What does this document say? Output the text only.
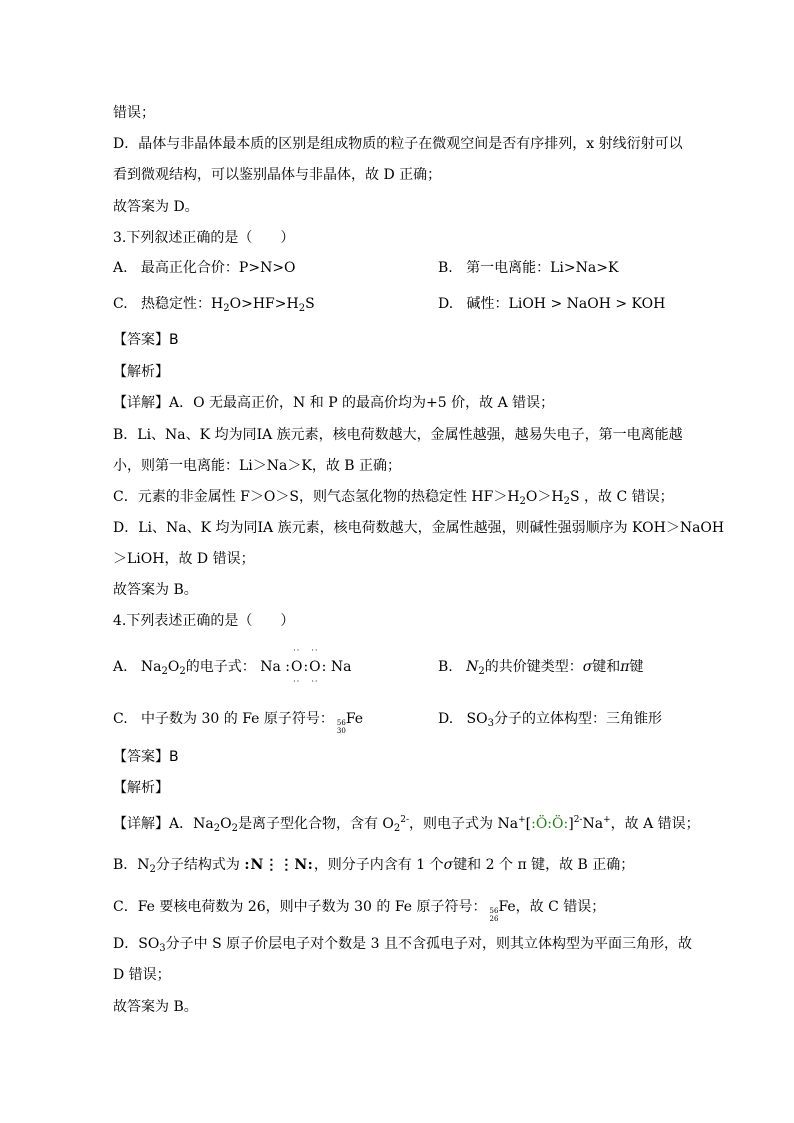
错误；
D．晶体与非晶体最本质的区别是组成物质的粒子在微观空间是否有序排列，x 射线衍射可以
看到微观结构，可以鉴别晶体与非晶体，故 D 正确；
故答案为 D。
3.下列叙述正确的是（　　）
A. 最高正化合价：P>N>O	B. 第一电离能：Li>Na>K
C. 热稳定性：$H_2O>HF>H_2S$	D. 碱性：LiOH > NaOH > KOH
【答案】B
【解析】
【详解】A．O 无最高正价，N 和 P 的最高价均为+5 价，故 A 错误；
B．Li、Na、K 均为同ⅠA 族元素，核电荷数越大，金属性越强，越易失电子，第一电离能越
小，则第一电离能：Li＞Na＞K，故 B 正确；
C．元素的非金属性 F＞O＞S，则气态氢化物的热稳定性 $HF>H_2O>H_2S$ ，故 C 错误；
D．Li、Na、K 均为同ⅠA 族元素，核电荷数越大，金属性越强，则碱性强弱顺序为 KOH＞NaOH
＞LiOH，故 D 错误；
故答案为 B。
4.下列表述正确的是（　　）
A.   $Na_2O_2$的电子式： Na :
··
O
··
:
··
O
··
: Na	B. $N_2$的共价键类型：σ键和π键
C. 中子数为 30 的 Fe 原子符号： 56
30
Fe	D.   $SO_3$分子的立体构型：三角锥形
【答案】B
【解析】
【详解】A．$Na_2O_2$是离子型化合物，含有 $O_2^{2-}$，则电子式为 Na+[:Ö:Ö:]$^{2-}$Na+，故 A 错误；
B．$N_2$分子结构式为 :N⋮⋮N:，则分子内含有 1 个σ键和 2 个 π 键，故 B 正确；
C．Fe 要核电荷数为 26，则中子数为 30 的 Fe 原子符号： 56
26
Fe，故 C 错误；
D．$SO_3$分子中 S 原子价层电子对个数是 3 且不含孤电子对，则其立体构型为平面三角形，故
D 错误；
故答案为 B。
